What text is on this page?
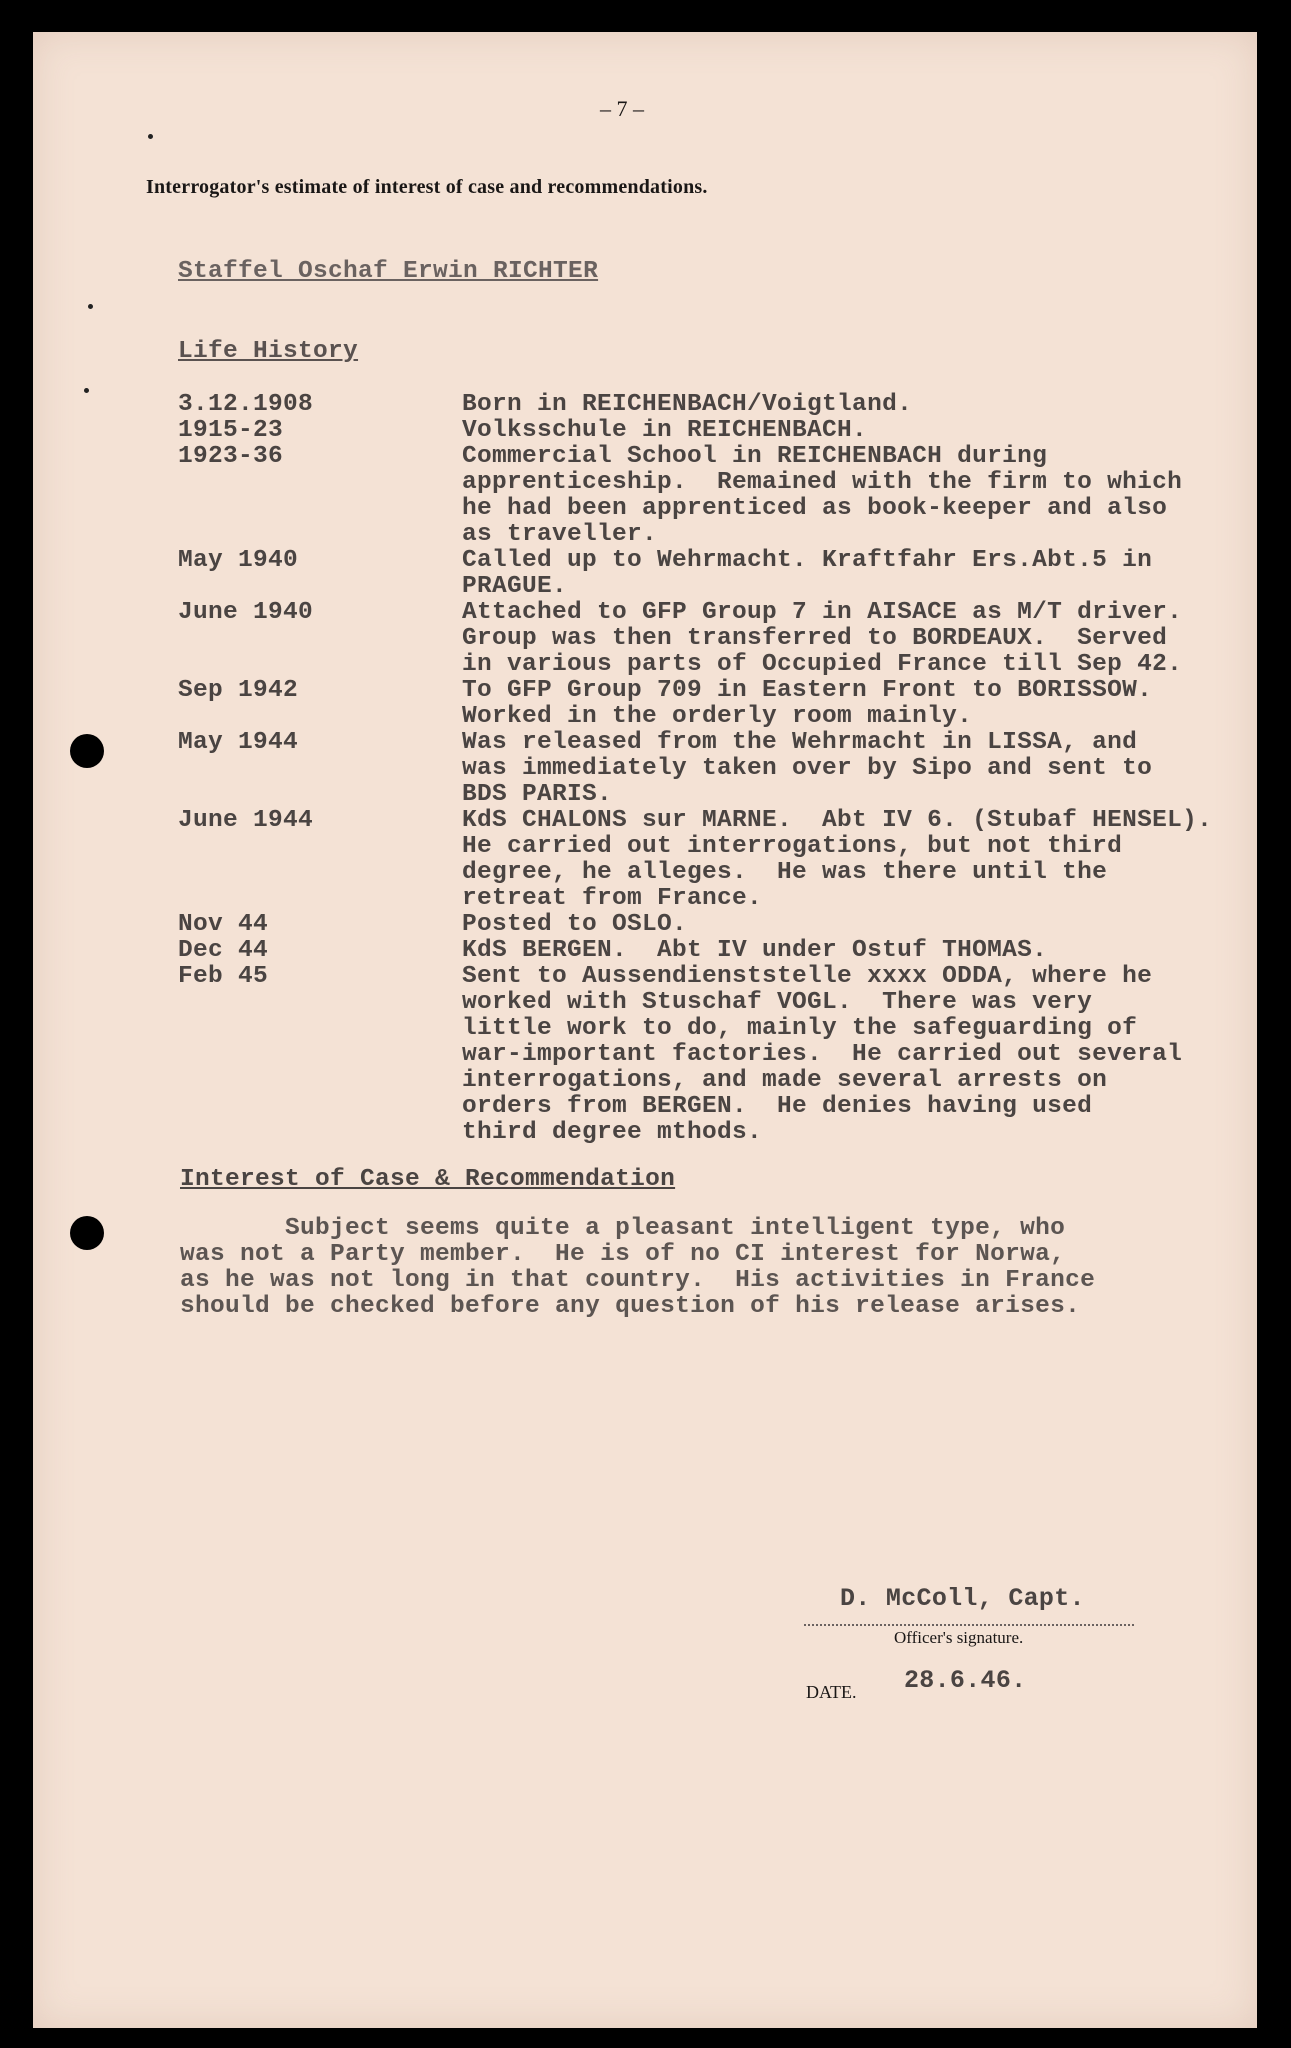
– 7 –
Interrogator's estimate of interest of case and recommendations.
Staffel Oschaf Erwin RICHTER
Life History
3.12.1908	Born in REICHENBACH/Voigtland.
1915-23	Volksschule in REICHENBACH.
1923-36	Commercial School in REICHENBACH during
apprenticeship.  Remained with the firm to which
he had been apprenticed as book-keeper and also
as traveller.
May 1940	Called up to Wehrmacht. Kraftfahr Ers.Abt.5 in
PRAGUE.
June 1940	Attached to GFP Group 7 in AISACE as M/T driver.
Group was then transferred to BORDEAUX.  Served
in various parts of Occupied France till Sep 42.
Sep 1942	To GFP Group 709 in Eastern Front to BORISSOW.
Worked in the orderly room mainly.
May 1944	Was released from the Wehrmacht in LISSA, and
was immediately taken over by Sipo and sent to
BDS PARIS.
June 1944	KdS CHALONS sur MARNE.  Abt IV 6. (Stubaf HENSEL).
He carried out interrogations, but not third
degree, he alleges.  He was there until the
retreat from France.
Nov 44	Posted to OSLO.
Dec 44	KdS BERGEN.  Abt IV under Ostuf THOMAS.
Feb 45	Sent to Aussendienststelle xxxx ODDA, where he
worked with Stuschaf VOGL.  There was very
little work to do, mainly the safeguarding of
war-important factories.  He carried out several
interrogations, and made several arrests on
orders from BERGEN.  He denies having used
third degree mthods.
Interest of Case & Recommendation
Subject seems quite a pleasant intelligent type, who
was not a Party member.  He is of no CI interest for Norwa,
as he was not long in that country.  His activities in France
should be checked before any question of his release arises.
D. McColl, Capt.
Officer's signature.
DATE. 28.6.46.
